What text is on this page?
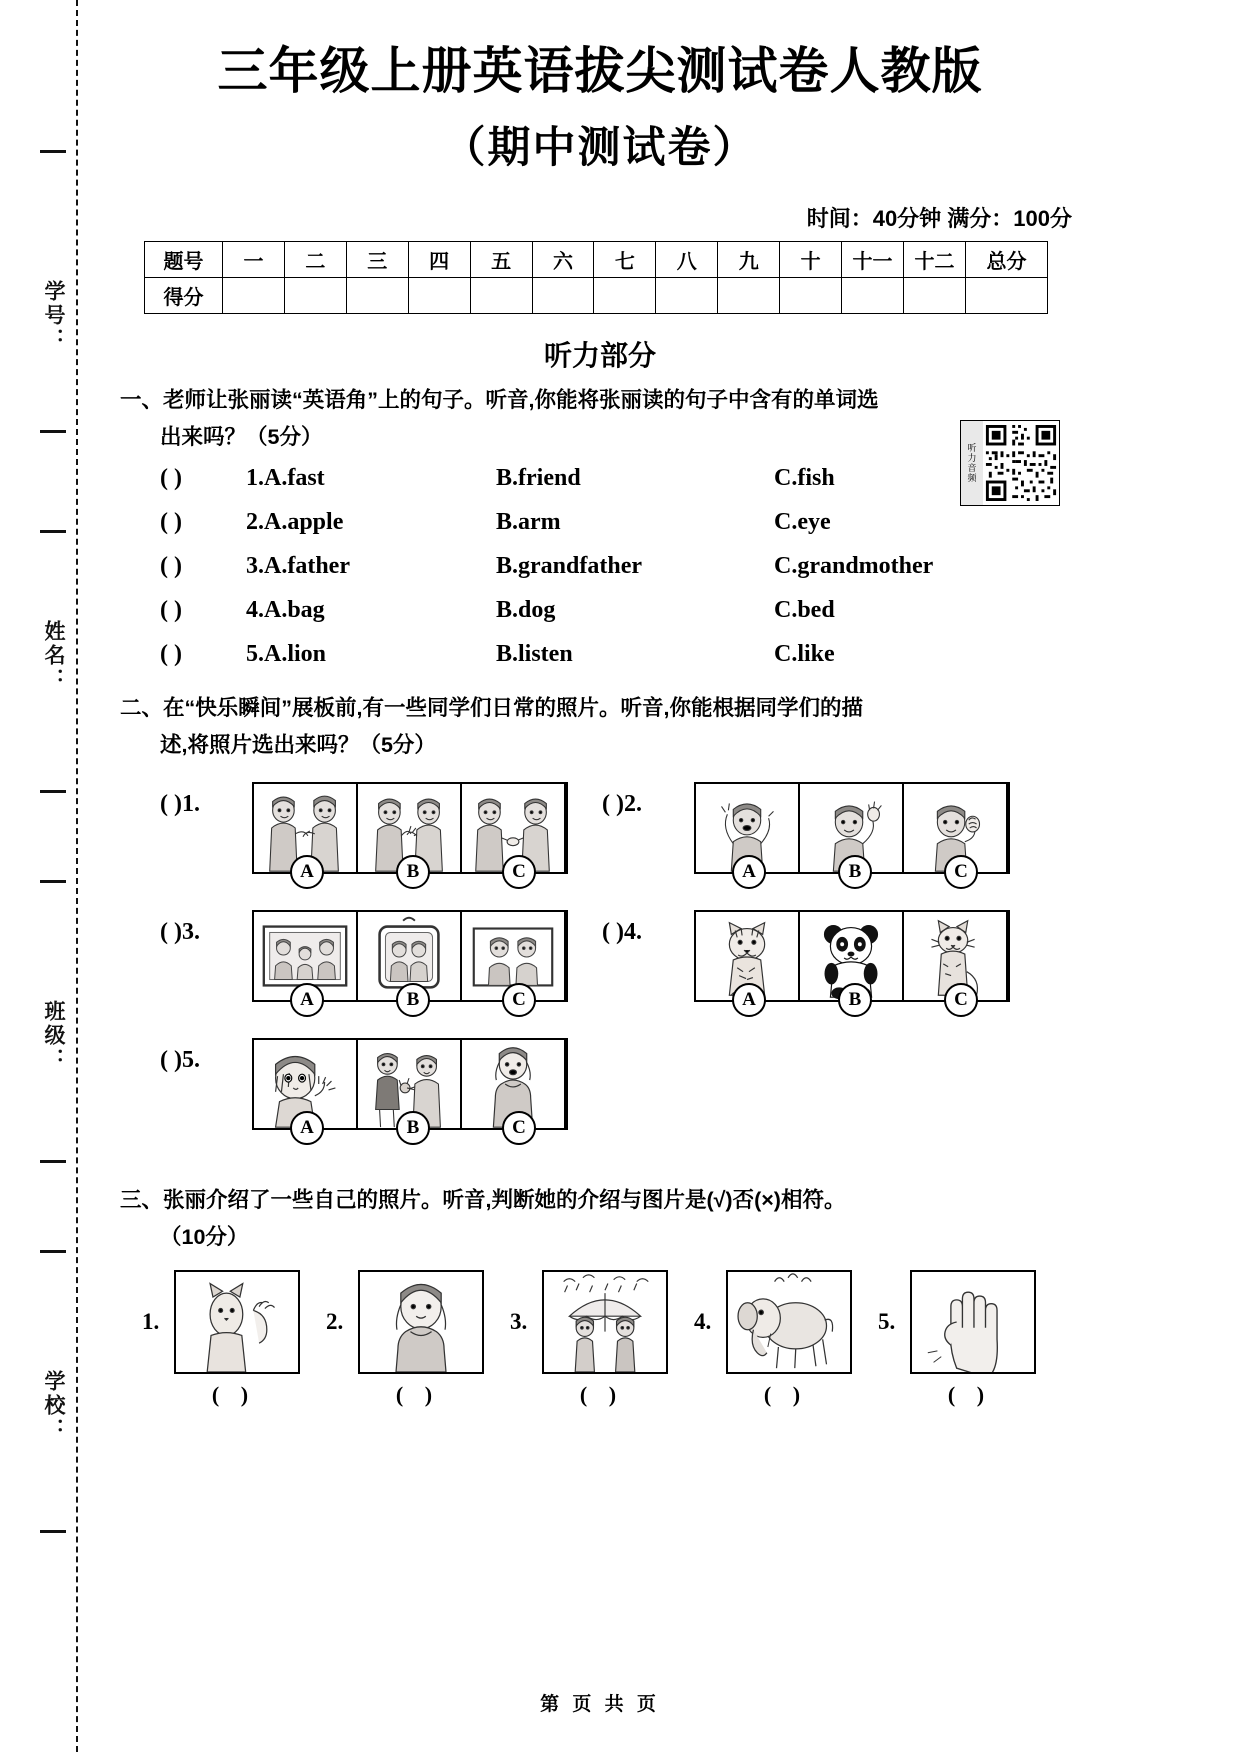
学号：
姓名：
班级：
学校：
三年级上册英语拔尖测试卷人教版
（期中测试卷）
时间：40分钟 满分：100分
题号	一	二	三	四	五	六	七	八	九	十	十一	十二	总分
得分													
听力部分
一、老师让张丽读“英语角”上的句子。听音,你能将张丽读的句子中含有的单词选
出来吗？（5分）
听力音频
( )	1.A.fast	B.friend	C.fish
( )	2.A.apple	B.arm	C.eye
( )	3.A.father	B.grandfather	C.grandmother
( )	4.A.bag	B.dog	C.bed
( )	5.A.lion	B.listen	C.like
二、在“快乐瞬间”展板前,有一些同学们日常的照片。听音,你能根据同学们的描
述,将照片选出来吗？（5分）
( )1.
A	B	C
( )2.
A	B	C
( )3.
A	B	C
( )4.
A	B	C
( )5.
A	B	C
三、张丽介绍了一些自己的照片。听音,判断她的介绍与图片是(√)否(×)相符。
（10分）
1.
( )
2.
( )
3.
( )
4.
( )
5.
( )
第 页 共 页
